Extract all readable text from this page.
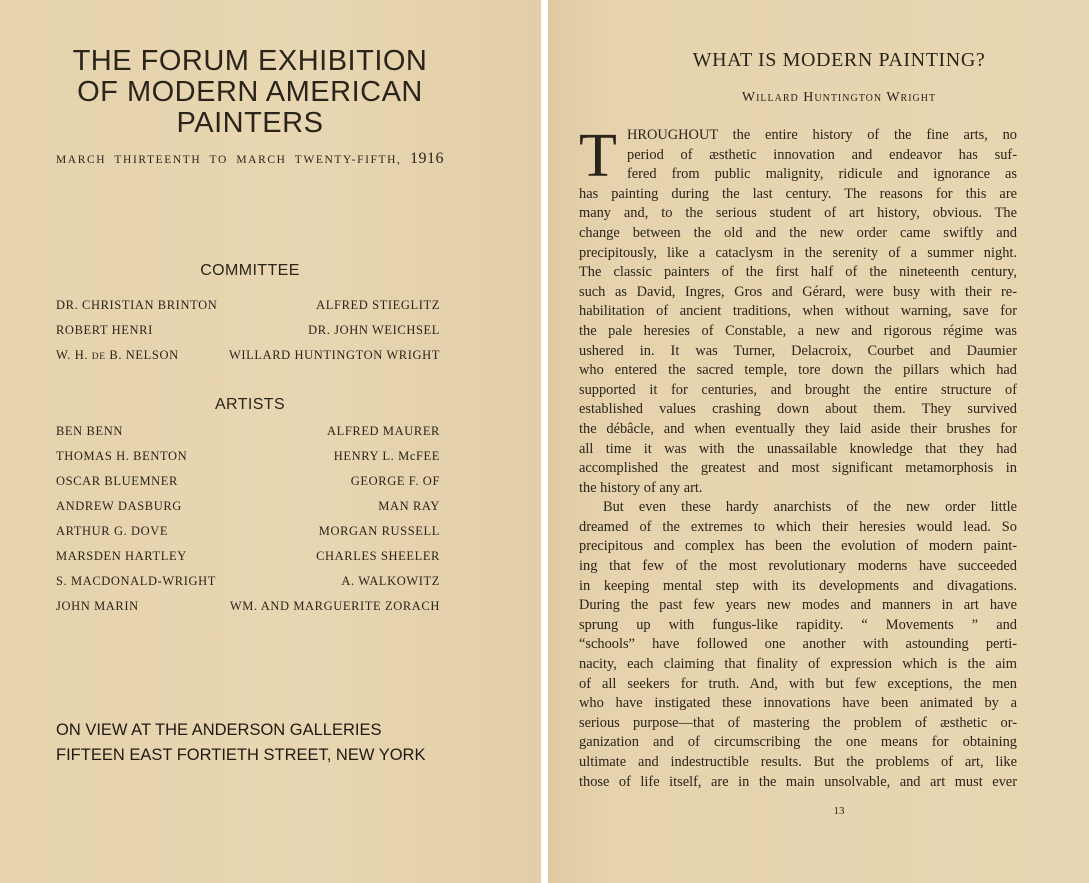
THE FORUM EXHIBITION
OF MODERN AMERICAN
PAINTERS
MARCH THIRTEENTH TO MARCH TWENTY-FIFTH, 1916
COMMITTEE
DR. CHRISTIAN BRINTON	ALFRED STIEGLITZ
ROBERT HENRI	DR. JOHN WEICHSEL
W. H. DE B. NELSON	WILLARD HUNTINGTON WRIGHT
ARTISTS
BEN BENN	ALFRED MAURER
THOMAS H. BENTON	HENRY L. McFEE
OSCAR BLUEMNER	GEORGE F. OF
ANDREW DASBURG	MAN RAY
ARTHUR G. DOVE	MORGAN RUSSELL
MARSDEN HARTLEY	CHARLES SHEELER
S. MACDONALD-WRIGHT	A. WALKOWITZ
JOHN MARIN	WM. AND MARGUERITE ZORACH
ON VIEW AT THE ANDERSON GALLERIES
FIFTEEN EAST FORTIETH STREET, NEW YORK
WHAT IS MODERN PAINTING?
Willard Huntington Wright
T HROUGHOUT the entire history of the fine arts, no
period of æsthetic innovation and endeavor has suf-
fered from public malignity, ridicule and ignorance as
has painting during the last century. The reasons for this are
many and, to the serious student of art history, obvious. The
change between the old and the new order came swiftly and
precipitously, like a cataclysm in the serenity of a summer night.
The classic painters of the first half of the nineteenth century,
such as David, Ingres, Gros and Gérard, were busy with their re-
habilitation of ancient traditions, when without warning, save for
the pale heresies of Constable, a new and rigorous régime was
ushered in. It was Turner, Delacroix, Courbet and Daumier
who entered the sacred temple, tore down the pillars which had
supported it for centuries, and brought the entire structure of
established values crashing down about them. They survived
the débâcle, and when eventually they laid aside their brushes for
all time it was with the unassailable knowledge that they had
accomplished the greatest and most significant metamorphosis in
the history of any art.
But even these hardy anarchists of the new order little
dreamed of the extremes to which their heresies would lead. So
precipitous and complex has been the evolution of modern paint-
ing that few of the most revolutionary moderns have succeeded
in keeping mental step with its developments and divagations.
During the past few years new modes and manners in art have
sprung up with fungus-like rapidity. “ Movements ” and
“schools” have followed one another with astounding perti-
nacity, each claiming that finality of expression which is the aim
of all seekers for truth. And, with but few exceptions, the men
who have instigated these innovations have been animated by a
serious purpose—that of mastering the problem of æsthetic or-
ganization and of circumscribing the one means for obtaining
ultimate and indestructible results. But the problems of art, like
those of life itself, are in the main unsolvable, and art must ever
13
